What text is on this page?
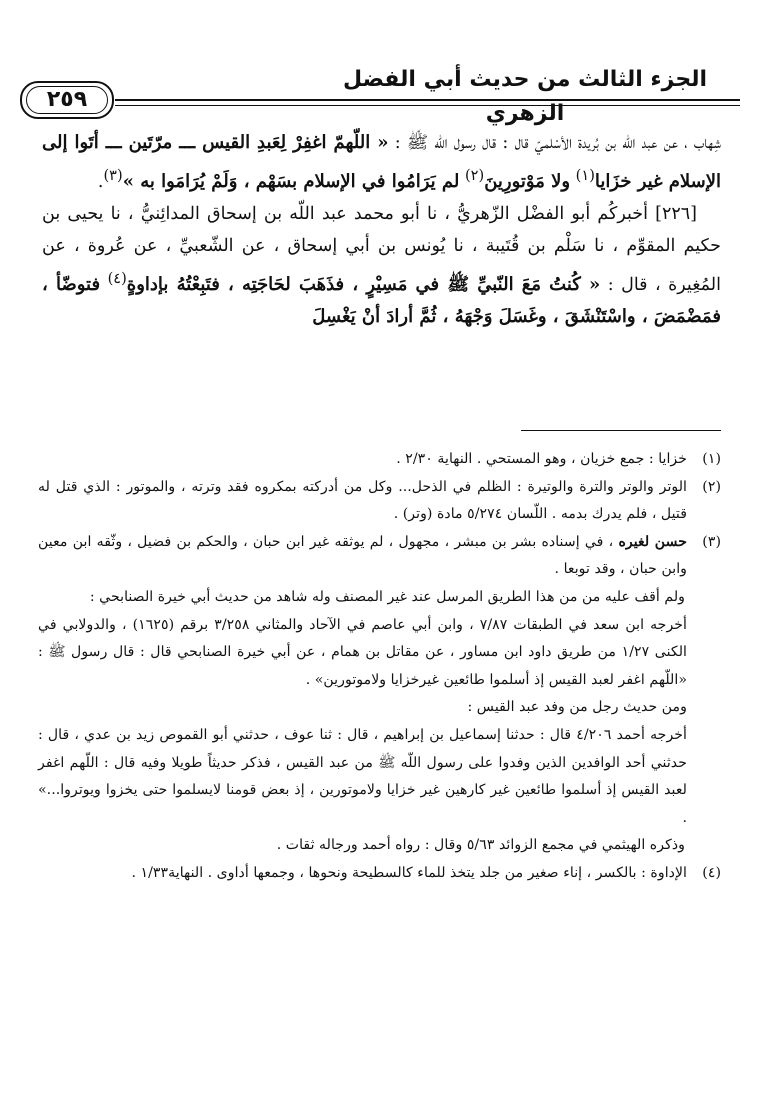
الجزء الثالث من حديث أبي الفضل الزهري
٢٥٩

شِهاب ، عن عبد اللّه بن بُريدة الأسْلميّ قال : قال رسول اللّه ﷺ : « اللّهمّ اغفِرْ لِعَبدِ القيس ـــ مرّتَين ـــ أتَوا إلى الإسلام غير خزَايا$^{(١)}$ ولا مَوْتورِينَ$^{(٢)}$ لم يَرَامُوا في الإسلام بسَهْم ، وَلَمْ يُرَامَوا به »$^{(٣)}$.

[٢٢٦] أخبركُم أبو الفضْل الزّهريُّ ، نا أبو محمد عبد اللّه بن إسحاق المدائِنيُّ ، نا يحيى بن حكيم المقوِّم ، نا سَلْم بن قُتَيبة ، نا يُونس بن أبي إسحاق ، عن الشّعبيِّ ، عن عُروة ، عن المُغِيرة ، قال : « كُنتُ مَعَ النّبيِّ ﷺ في مَسِيْرٍ ، فذَهَبَ لحَاجَتِه ، فتَبِعْتُهُ بإداوةٍ$^{(٤)}$ فتوضّأ ، فمَضْمَضَ ، واسْتَنْشَقَ ، وغَسَلَ وَجْهَهُ ، ثُمَّ أرادَ أنْ يَغْسِلَ

(١)

خزايا : جمع خزيان ، وهو المستحي . النهاية ٢/٣٠ .

(٢)

الوتر والوتر والترة والوتيرة : الظلم في الذحل... وكل من أدركته بمكروه فقد وترته ، والموتور : الذي قتل له قتيل ، فلم يدرك بدمه . اللّسان ٥/٢٧٤ مادة (وتر) .

(٣)

حسن لغيره ، في إسناده بشر بن مبشر ، مجهول ، لم يوثقه غير ابن حبان ، والحكم بن فضيل ، وثّقه ابن معين وابن حبان ، وقد توبعا .

ولم أقف عليه من من هذا الطريق المرسل عند غير المصنف وله شاهد من حديث أبي خيرة الصنابحي :

أخرجه ابن سعد في الطبقات ٧/٨٧ ، وابن أبي عاصم في الآحاد والمثاني ٣/٢٥٨ برقم (١٦٢٥) ، والدولابي في الكنى ١/٢٧ من طريق داود ابن مساور ، عن مقاتل بن همام ، عن أبي خيرة الصنابحي قال : قال رسول ﷺ : «اللّهم اغفر لعبد القيس إذ أسلموا طائعين غيرخزايا ولاموتورين» .

ومن حديث رجل من وفد عبد القيس :

أخرجه أحمد ٤/٢٠٦ قال : حدثنا إسماعيل بن إبراهيم ، قال : ثنا عوف ، حدثني أبو القموص زيد بن عدي ، قال : حدثني أحد الوافدين الذين وفدوا على رسول اللّه ﷺ من عبد القيس ، فذكر حديثاً طويلا وفيه قال : اللّهم اغفر لعبد القيس إذ أسلموا طائعين غير كارهين غير خزايا ولاموتورين ، إذ بعض قومنا لايسلموا حتى يخزوا ويوتروا...» .

وذكره الهيثمي في مجمع الزوائد ٥/٦٣ وقال : رواه أحمد ورجاله ثقات .

(٤)

الإداوة : بالكسر ، إناء صغير من جلد يتخذ للماء كالسطيحة ونحوها ، وجمعها أداوى . النهاية١/٣٣ .
